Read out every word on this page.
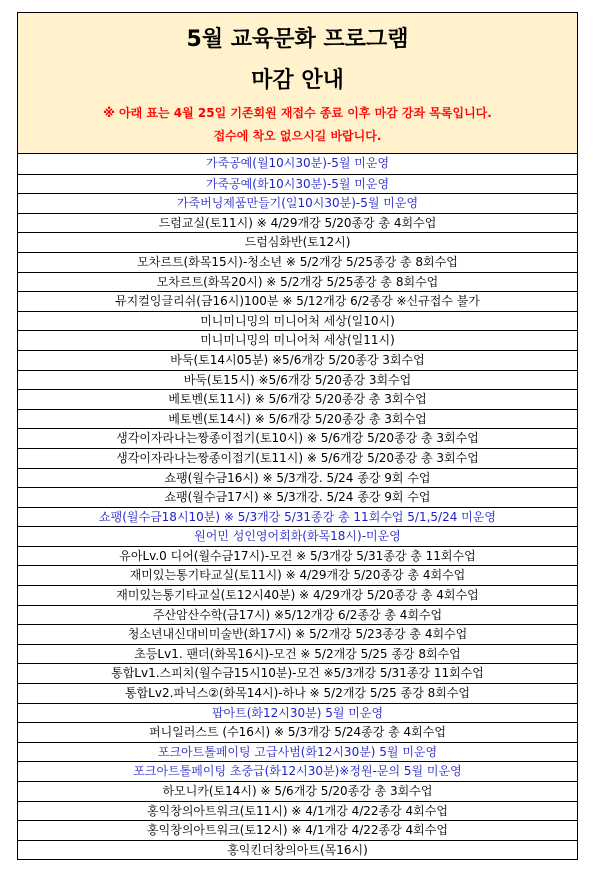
5월 교육문화 프로그램
마감 안내
※ 아래 표는 4월 25일 기존회원 재접수 종료 이후 마감 강좌 목록입니다.
접수에 착오 없으시길 바랍니다.
가죽공예(월10시30분)-5월 미운영
가죽공예(화10시30분)-5월 미운영
가죽버닝제품만들기(일10시30분)-5월 미운영
드럼교실(토11시) ※ 4/29개강 5/20종강 총 4회수업
드럼심화반(토12시)
모차르트(화목15시)-청소년 ※ 5/2개강 5/25종강 총 8회수업
모차르트(화목20시) ※ 5/2개강 5/25종강 총 8회수업
뮤지컬잉글리쉬(금16시)100분 ※ 5/12개강 6/2종강 ※신규접수 불가
미니미니밍의 미니어처 세상(일10시)
미니미니밍의 미니어처 세상(일11시)
바둑(토14시05분) ※5/6개강 5/20종강 3회수업
바둑(토15시) ※5/6개강 5/20종강 3회수업
베토벤(토11시) ※ 5/6개강 5/20종강 총 3회수업
베토벤(토14시) ※ 5/6개강 5/20종강 총 3회수업
생각이자라나는짱종이접기(토10시) ※ 5/6개강 5/20종강 총 3회수업
생각이자라나는짱종이접기(토11시) ※ 5/6개강 5/20종강 총 3회수업
쇼팽(월수금16시) ※ 5/3개강. 5/24 종강 9회 수업
쇼팽(월수금17시) ※ 5/3개강. 5/24 종강 9회 수업
쇼팽(월수금18시10분) ※ 5/3개강 5/31종강 총 11회수업 5/1,5/24 미운영
원어민 성인영어회화(화목18시)-미운영
유아Lv.0 디어(월수금17시)-모건 ※ 5/3개강 5/31종강 총 11회수업
재미있는통기타교실(토11시) ※ 4/29개강 5/20종강 총 4회수업
재미있는통기타교실(토12시40분) ※ 4/29개강 5/20종강 총 4회수업
주산암산수학(금17시) ※5/12개강 6/2종강 총 4회수업
청소년내신대비미술반(화17시) ※ 5/2개강 5/23종강 총 4회수업
초등Lv1. 팬더(화목16시)-모건 ※ 5/2개강 5/25 종강 8회수업
통합Lv1.스피치(월수금15시10분)-모건 ※5/3개강 5/31종강 11회수업
통합Lv2.파닉스②(화목14시)-하나 ※ 5/2개강 5/25 종강 8회수업
팝아트(화12시30분) 5월 미운영
퍼니일러스트 (수16시) ※ 5/3개강 5/24종강 총 4회수업
포크아트톨페이팅 고급사범(화12시30분) 5월 미운영
포크아트톨페이팅 초중급(화12시30분)※정원-문의 5월 미운영
하모니카(토14시) ※ 5/6개강 5/20종강 총 3회수업
홍익창의아트워크(토11시) ※ 4/1개강 4/22종강 4회수업
홍익창의아트워크(토12시) ※ 4/1개강 4/22종강 4회수업
홍익킨더창의아트(목16시)
